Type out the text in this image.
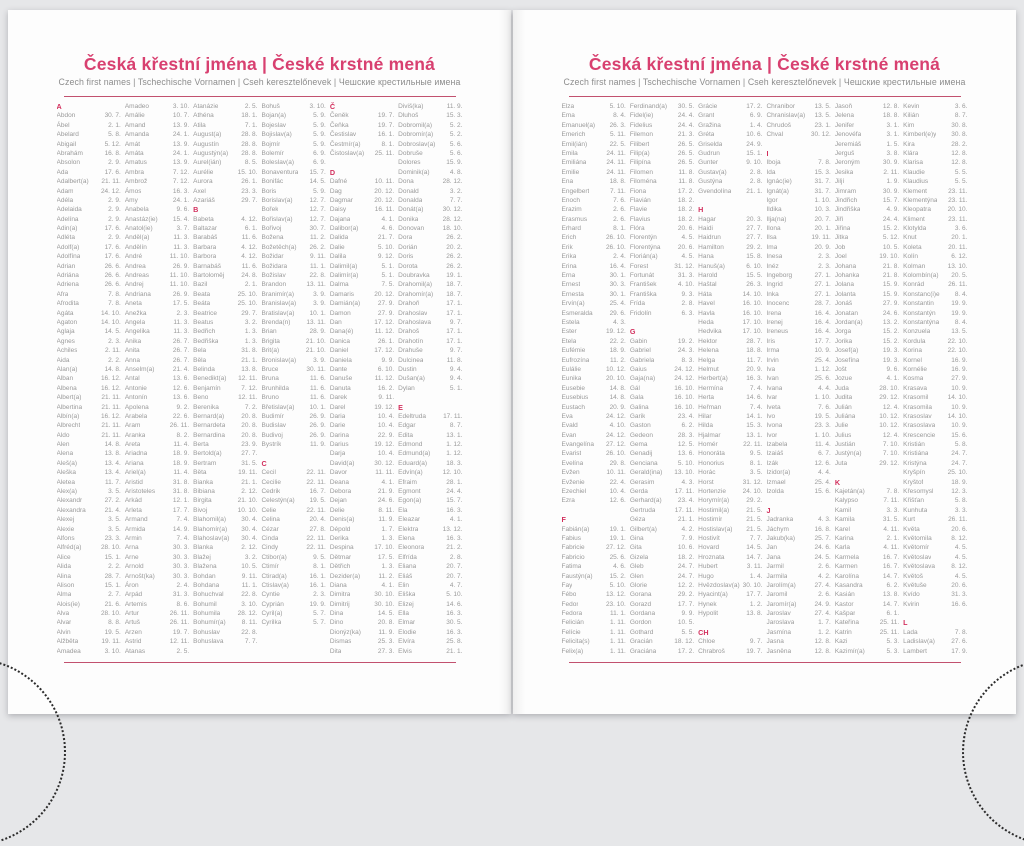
Česká křestní jména | České krstné mená
Czech first names | Tschechische Vornamen | Cseh keresztelőnevek | Чешские крестильные имена
A
Abdon	30. 7.
Ábel	2. 1.
Abelard	5. 8.
Abigail	5. 12.
Abrahám	16. 8.
Absolon	2. 9.
Ada	17. 6.
Adalbert(a) 21. 11.
Adam	24. 12.
Adéla	2. 9.
Adelaida	2. 9.
Adelína	2. 9.
Adin(a)	17. 6.
Adléta	2. 9.
Adolf(a)	17. 6.
Adolfína	17. 6.
Adrian	26. 6.
Adriána	26. 6.
Adriena	26. 6.
Afra	7. 8.
Afrodita	7. 8.
Agáta	14. 10.
Agaton	14. 10.
Aglaja	14. 5.
Agnes	2. 3.
Achiles	2. 11.
Aida	2. 2.
Alan(a)	14. 8.
Alban	16. 12.
Albena	16. 12.
Albert(a)	21. 11.
Albertina	21. 11.
Albín(a)	16. 12.
Albrecht	21. 11.
Aldo	21. 11.
Alen	14. 8.
Alena	13. 8.
Aleš(a)	13. 4.
Aleška	13. 4.
Aletea	11. 7.
Alex(a)	3. 5.
Alexandr	27. 2.
Alexandra	21. 4.
Alexej	3. 5.
Alexie	3. 5.
Alfons	23. 3.
Alfréd(a)	28. 10.
Alice	15. 1.
Alida	2. 2.
Alina	28. 7.
Alison	15. 1.
Alma	2. 7.
Alois(ie)	21. 6.
Alva	28. 10.
Alvar	8. 8.
Alvin	19. 5.
Alžběta	19. 11.
Amadea	3. 10.
Amadeo	3. 10.
Amálie	10. 7.
Amand	13. 9.
Amanda	24. 1.
Amát	13. 9.
Amáta	24. 1.
Amatus	13. 9.
Ambra	7. 12.
Ambrož	7. 12.
Ámos	16. 3.
Amy	24. 1.
Anabela	9. 6.
Anastáz(ie) 15. 4.
Anatol(ie)	3. 7.
Anděl(a)	11. 3.
Andělín	11. 3.
André	11. 10.
Andrea	26. 9.
Andreas	11. 10.
Andrej	11. 10.
Andriana	26. 9.
Aneta	17. 5.
Anežka	2. 3.
Angela	11. 3.
Angelika	11. 3.
Anika	26. 7.
Anita	26. 7.
Anna	26. 7.
Anselm(a)	21. 4.
Antal	13. 6.
Antonie	12. 6.
Antonín	13. 6.
Apolena	9. 2.
Arabela	22. 6.
Aram	26. 11.
Aranka	8. 2.
Areta	11. 4.
Ariadna	18. 9.
Ariana	18. 9.
Ariel(a)	11. 4.
Aristid	31. 8.
Aristoteles	31. 8.
Arkád	12. 1.
Arleta	17. 7.
Armand	7. 4.
Armida	14. 9.
Armin	7. 4.
Arna	30. 3.
Arne	30. 3.
Arnold	30. 3.
Arnošt(ka)	30. 3.
Áron	2. 4.
Arpád	31. 3.
Artemis	8. 6.
Artur	26. 11.
Artuš	26. 11.
Arzen	19. 7.
Astrid	12. 11.
Atanas	2. 5.
Atanázie	2. 5.
Athéna	18. 1.
Atila	7. 1.
August(a)	28. 8.
Augustín	28. 8.
Augustýn(a) 28. 8.
Aurel(ián)	8. 5.
Aurélie	15. 10.
Aurora	26. 1.
Axel	23. 3.
Azariáš	29. 7.
B
Babeta	4. 12.
Baltazar	6. 1.
Barabáš	11. 6.
Barbara	4. 12.
Barbora	4. 12.
Barnabáš	11. 6.
Bartoloměj	24. 8.
Bazil	2. 1.
Beata	25. 10.
Beáta	25. 10.
Beatrice	29. 7.
Beatus	3. 2.
Bedřich	1. 3.
Bedřiška	1. 3.
Bela	31. 8.
Běla	21. 1.
Belinda	13. 8.
Benedikt(a) 12. 11.
Benjamín	7. 12.
Beno	12. 11.
Berenika	7. 2.
Bernard(a)	20. 8.
Bernardeta 20. 8.
Bernardina	20. 8.
Berta	23. 9.
Bertold(a)	27. 7.
Bertram	31. 5.
Běta	19. 11.
Bianka	21. 1.
Bibiana	2. 12.
Birgita	21. 10.
Bivoj	10. 10.
Blahomil(a) 30. 4.
Blahomír(a) 30. 4.
Blahoslav(a) 30. 4.
Blanka	2. 12.
Blažej	3. 2.
Blažena	10. 5.
Bohdan	9. 11.
Bohdana	11. 1.
Bohuchval	22. 8.
Bohumil	3. 10.
Bohumila	28. 12.
Bohumír(a) 8. 11.
Bohuslav	22. 8.
Bohuslava	7. 7.
Bohuš	3. 10.
Bojan(a)	5. 9.
Bojeslav	5. 9.
Bojislav(a)	5. 9.
Bojmír	5. 9.
Bolemír	6. 9.
Boleslav(a)	6. 9.
Bonaventura 15. 7.
Bonifác	14. 5.
Boris	5. 9.
Borislav(a)	12. 7.
Bořek	12. 7.
Bořislav(a)	12. 7.
Bořivoj	30. 7.
Božena	11. 2.
Božetěch(a) 26. 2.
Božidar	9. 11.
Božidara	11. 1.
Božislav	22. 8.
Brandon	13. 11.
Branimír(a)	3. 9.
Branislav(a)	3. 9.
Bratislav(a) 10. 1.
Brenda(n) 13. 11.
Brian	28. 9.
Brigita	21. 10.
Brit(a)	21. 10.
Bronislav(a)	3. 9.
Bruce	30. 11.
Bruna	11. 6.
Brunhilda	11. 6.
Bruno	11. 6.
Břetislav(a) 10. 1.
Budimír	26. 9.
Budislav	26. 9.
Budivoj	26. 9.
Bystrík	11. 9.
C
Cecil	22. 11.
Cecilie	22. 11.
Cedrik	16. 7.
Celestýn(a) 19. 5.
Celie	22. 11.
Celina	20. 4.
Cézar	27. 8.
Cinda	22. 11.
Cindy	22. 11.
Ctibor(a)	9. 5.
Ctimír	8. 1.
Ctirad(a)	16. 1.
Ctislav(a)	16. 1.
Cyntie	2. 3.
Cyprián	19. 9.
Cyril(a)	5. 7.
Cyrilka	5. 7.
Č
Čeněk	19. 7.
Čeňka	19. 7.
Čestislav	16. 1.
Čestmír(a)	8. 1.
Čistoslav(a) 25. 11.
D
Dafné	10. 11.
Dag	20. 12.
Dagmar	20. 12.
Daisy	16. 11.
Dajana	4. 1.
Dalibor(a)	4. 6.
Dalida	21. 7.
Dalie	5. 10.
Dalila	9. 12.
Dalimil(a)	5. 1.
Dalimír(a)	5. 1.
Dalma	7. 5.
Damaris	20. 12.
Damián(a)	27. 9.
Damon	27. 9.
Dan	17. 12.
Dana(é)	11. 12.
Danica	26. 1.
Daniel	17. 12.
Daniela	9. 9.
Dante	6. 10.
Danuše	11. 12.
Danuta	16. 2.
Darek	9. 11.
Darel	19. 12.
Daria	10. 4.
Darie	10. 4.
Darina	22. 9.
Darius	19. 12.
Darja	10. 4.
David(a)	30. 12.
Davor	11. 11.
Deana	4. 1.
Debora	21. 9.
Dejan	24. 6.
Delie	8. 11.
Denis(a)	11. 9.
Dépold	1. 7.
Derika	1. 3.
Despina	17. 10.
Dětmar	17. 5.
Dětřich	1. 3.
Dezider(a)	11. 2.
Diana	4. 1.
Dimitra	30. 10.
Dimitrij	30. 10.
Dina	14. 5.
Dino	20. 8.
Dionýz(ka)	11. 9.
Dismas	25. 3.
Dita	27. 3.
Diviš(ka)	11. 9.
Dluhoš	15. 3.
Dobromil(a)	5. 2.
Dobromír(a)	5. 2.
Dobroslav(a) 5. 6.
Dobruše	5. 6.
Dolores	15. 9.
Dominik(a)	4. 8.
Dona	28. 12.
Donald	3. 2.
Donalda	7. 7.
Donát(a)	30. 12.
Donika	28. 12.
Donovan	18. 10.
Dora	26. 2.
Dorián	20. 2.
Doris	26. 2.
Dorota	26. 2.
Doubravka	19. 1.
Drahomil(a) 18. 7.
Drahomír(a) 18. 7.
Drahoň	17. 1.
Drahoslav	17. 1.
Drahoslava	9. 7.
Drahoš	17. 1.
Drahotín	17. 1.
Drahuše	9. 7.
Dulcinea	11. 8.
Dustin	9. 4.
Dušan(a)	9. 4.
Dylan	5. 1.
E
Edeltruda	17. 11.
Edgar	8. 7.
Edita	13. 1.
Edmond	1. 12.
Edmund(a) 1. 12.
Eduard(a)	18. 3.
Edvín(a)	12. 10.
Efraim	28. 1.
Egmont	24. 4.
Egon(a)	15. 7.
Ela	16. 3.
Eleazar	4. 1.
Elektra	13. 12.
Elena	16. 3.
Eleonora	21. 2.
Elfrída	2. 8.
Eliana	20. 7.
Eliáš	20. 7.
Elin	4. 7.
Eliška	5. 10.
Elizej	14. 6.
Ella	16. 3.
Elmar	30. 5.
Elodie	16. 3.
Elvíra	25. 8.
Elvis	21. 1.
Česká křestní jména | České krstné mená
Czech first names | Tschechische Vornamen | Cseh keresztelőnevek | Чешские крестильные имена
Elza	5. 10.
Ema	8. 4.
Emanuel(a) 26. 3.
Emerich	5. 11.
Emil(ián)	22. 5.
Emila	24. 11.
Emiliána	24. 11.
Emilie	24. 11.
Ena	18. 8.
Engelbert	7. 11.
Enoch	7. 6.
Erazim	2. 6.
Erasmus	2. 6.
Erhard	8. 1.
Erich	26. 10.
Erik	26. 10.
Erika	2. 4.
Erina	16. 4.
Erna	30. 1.
Ernest	30. 3.
Ernesta	30. 1.
Ervín(a)	25. 4.
Esmeralda	29. 6.
Estela	4. 3.
Ester	19. 12.
Etela	22. 2.
Eufémie	18. 9.
Eufrozína	11. 2.
Eulálie	10. 12.
Eunika	20. 10.
Eusebie	14. 8.
Eusebius	14. 8.
Eustach	20. 9.
Eva	24. 12.
Evald	4. 10.
Evan	24. 12.
Evangelína 27. 12.
Evarist	26. 10.
Evelína	29. 8.
Evžen	10. 11.
Evženie	22. 4.
Ezechiel	10. 4.
Ezra	12. 6.
F
Fabián(a)	19. 1.
Fabius	19. 1.
Fabricie	27. 12.
Fabricio	25. 6.
Fatima	4. 6.
Faustýn(a)	15. 2.
Fay	5. 10.
Fébo	13. 12.
Fedor	23. 10.
Fedora	11. 1.
Felicián	1. 11.
Felície	1. 11.
Felicita(s)	1. 11.
Felix(a)	1. 11.
Ferdinand(a) 30. 5.
Fidel(ie)	24. 4.
Fidelius	24. 4.
Filemon	21. 3.
Filibert	26. 5.
Filip(a)	26. 5.
Filipína	26. 5.
Filomen	11. 8.
Filoména	11. 8.
Fiona	17. 2.
Flavián	18. 2.
Flavie	18. 2.
Flavius	18. 2.
Flóra	20. 6.
Florentýn	4. 5.
Florentýna	20. 6.
Florián(a)	4. 5.
Forest	31. 12.
Fortunát	31. 3.
František	4. 10.
Františka	9. 3.
Frída	2. 8.
Fridolín	6. 3.
G
Gabin	19. 2.
Gabriel	24. 3.
Gabriela	8. 3.
Gaius	24. 12.
Gaja(na)	24. 12.
Gál	16. 10.
Gala	16. 10.
Galina	16. 10.
Garik	23. 4.
Gaston	6. 2.
Gedeon	28. 3.
Gema	12. 5.
Genadij	13. 6.
Genciana	5. 10.
Gerald(ina) 13. 10.
Gerasim	4. 3.
Gerda	17. 11.
Gerhard(a)	23. 4.
Gertruda	17. 11.
Géza	21. 1.
Gilbert(a)	4. 2.
Gina	7. 9.
Gita	10. 6.
Gizela	18. 2.
Gleb	24. 7.
Glen	24. 7.
Glorie	12. 2.
Gorana	29. 2.
Gorazd	17. 7.
Gordana	9. 9.
Gordon	10. 5.
Gothard	5. 5.
Gracián	18. 12.
Graciána	17. 2.
Grácie	17. 2.
Grant	6. 9.
Gražina	1. 4.
Gréta	10. 6.
Griselda	24. 9.
Gudrun	15. 1.
Gunter	9. 10.
Gustav(a)	2. 8.
Gustýna	2. 8.
Gvendolína 21. 1.
H
Hagar	20. 3.
Haidi	27. 7.
Haidrun	27. 7.
Hamilton	29. 2.
Hana	15. 8.
Hanuš(a)	6. 10.
Harold	15. 5.
Haštal	26. 3.
Háta	14. 10.
Havel	16. 10.
Havla	16. 10.
Heda	17. 10.
Hedvika	17. 10.
Hektor	28. 7.
Helena	18. 8.
Helga	11. 7.
Helmut	20. 9.
Herbert(a)	16. 3.
Hermína	7. 4.
Herta	14. 6.
Heřman	7. 4.
Hilar	14. 1.
Hilda	15. 3.
Hjalmar	13. 1.
Homér	22. 11.
Honoráta	9. 5.
Honorius	8. 1.
Horác	3. 5.
Horst	31. 12.
Hortenzie	24. 10.
Horymír(a)	29. 2.
Hostimil(a)	21. 5.
Hostimír	21. 5.
Hostislav(a) 21. 5.
Hostivít	7. 7.
Hovard	14. 5.
Hroznata	14. 7.
Hubert	3. 11.
Hugo	1. 4.
Hvězdoslav(a) 30. 10.
Hyacint(a)	17. 7.
Hynek	1. 2.
Hypolit	13. 8.
CH
Chloe	9. 7.
Chrabroš	19. 7.
Chranibor	13. 5.
Chranislav(a) 13. 5.
Chrudoš	23. 1.
Chval	30. 12.
I
Iboja	7. 8.
Ida	15. 3.
Ignác(ie)	31. 7.
Ignát(a)	31. 7.
Igor	1. 10.
Ildika	10. 3.
Ilja(na)	20. 7.
Ilona	20. 1.
Ilsa	19. 11.
Ima	20. 9.
Inesa	2. 3.
Inéz	2. 3.
Ingeborg	27. 1.
Ingrid	27. 1.
Inka	27. 1.
Inocenc	28. 7.
Irena	16. 4.
Irenej	16. 4.
Ireneus	16. 4.
Iris	17. 7.
Irma	10. 9.
Irvin	25. 4.
Iva	1. 12.
Ivan	25. 6.
Ivana	4. 4.
Ivar	1. 10.
Iveta	7. 6.
Ivo	19. 5.
Ivona	23. 3.
Ivor	1. 10.
Izabela	11. 4.
Izaiáš	6. 7.
Izák	12. 6.
Izidor(a)	4. 4.
Izmael	25. 4.
Izolda	15. 6.
J
Jadranka	4. 3.
Jáchym	16. 8.
Jakub(ka)	25. 7.
Jan	24. 6.
Jana	24. 5.
Jarmil	2. 6.
Jarmila	4. 2.
Jarolím(a)	27. 4.
Jaromil	2. 6.
Jaromír(a)	24. 9.
Jaroslav	27. 4.
Jaroslava	1. 7.
Jasmína	1. 2.
Jasna	12. 8.
Jasněna	12. 8.
Jasoň	12. 8.
Jelena	18. 8.
Jenifer	3. 1.
Jenovéfa	3. 1.
Jeremiáš	1. 5.
Jerguš	3. 8.
Jeroným	30. 9.
Jesika	2. 11.
Jiljí	1. 9.
Jimram	30. 9.
Jindřich	15. 7.
Jindřiška	4. 9.
Jiří	24. 4.
Jiřina	15. 2.
Jitka	5. 12.
Job	10. 5.
Joel	19. 10.
Johana	21. 8.
Johanka	21. 8.
Jolana	15. 9.
Jolanta	15. 9.
Jonáš	27. 9.
Jonatan	24. 6.
Jordan(a)	13. 2.
Jorga	15. 2.
Jorika	15. 2.
Josef(a)	19. 3.
Josefína	19. 3.
Jošt	9. 6.
Jozue	4. 1.
Juda	28. 10.
Judita	29. 12.
Julián	12. 4.
Juliána	10. 12.
Julie	10. 12.
Julius	12. 4.
Justián	7. 10.
Justýn(a)	7. 10.
Juta	29. 12.
K
Kajetán(a)	7. 8.
Kalypso	7. 11.
Kamil	3. 3.
Kamila	31. 5.
Karel	4. 11.
Karina	2. 1.
Karla	4. 11.
Karmela	16. 7.
Karmen	16. 7.
Karolína	14. 7.
Kasandra	6. 2.
Kasián	13. 8.
Kastor	14. 7.
Kašpar	6. 1.
Kateřina	25. 11.
Katrin	25. 11.
Kazi	5. 3.
Kazimír(a)	5. 3.
Kevin	3. 6.
Kilián	8. 7.
Kim	30. 8.
Kimberl(e)y 30. 8.
Kira	28. 2.
Klára	12. 8.
Klarisa	12. 8.
Klaudie	5. 5.
Klaudius	5. 5.
Klement	23. 11.
Klementýna 23. 11.
Kleopatra	20. 10.
Kliment	23. 11.
Klotylda	3. 6.
Knut	20. 1.
Koleta	20. 11.
Kolín	6. 12.
Kolman	13. 10.
Kolombín(a) 20. 5.
Konrád	26. 11.
Konstanc(i)e 8. 4.
Konstantin	19. 9.
Konstantýn 19. 9.
Konstantýna 8. 4.
Konzuela	13. 5.
Kordula	22. 10.
Korina	22. 10.
Kornel	16. 9.
Kornélie	16. 9.
Kosma	27. 9.
Krasava	10. 9.
Krasomil	14. 10.
Krasomila	10. 9.
Krasoslav 14. 10.
Krasoslava 10. 9.
Krescencie 15. 6.
Kristián	5. 8.
Kristiána	24. 7.
Kristýna	24. 7.
Kryšpín	25. 10.
Kryštof	18. 9.
Křesomysl	12. 3.
Křišťan	5. 8.
Kunhuta	3. 3.
Kurt	26. 11.
Květa	20. 6.
Květomila	8. 12.
Květomír	4. 5.
Květoslav	4. 5.
Květoslava	8. 12.
Květoš	4. 5.
Květuše	20. 6.
Kvído	31. 3.
Kvirin	16. 6.
L
Lada	7. 8.
Ladislav(a)	27. 6.
Lambert	17. 9.
